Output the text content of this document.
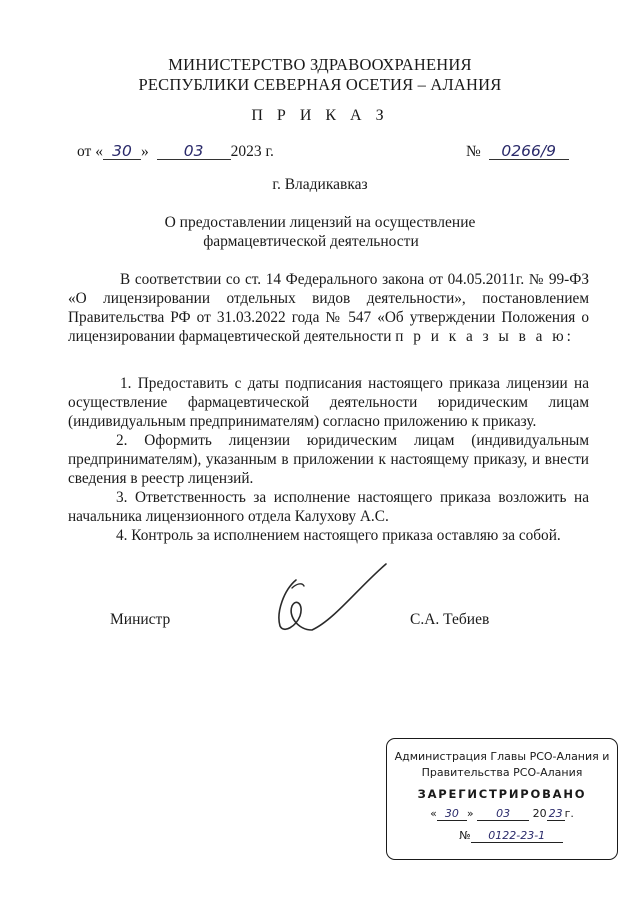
МИНИСТЕРСТВО ЗДРАВООХРАНЕНИЯ
РЕСПУБЛИКИ СЕВЕРНАЯ ОСЕТИЯ – АЛАНИЯ
П Р И К А З
от « 30 » 03 2023 г.	№ 0266/9
г. Владикавказ
О предоставлении лицензий на осуществление
фармацевтической деятельности

В соответствии со ст. 14 Федерального закона от 04.05.2011г. № 99-ФЗ «О лицензировании отдельных видов деятельности», постановлением Правительства РФ от 31.03.2022 года № 547 «Об утверждении Положения о лицензировании фармацевтической деятельности п р и к а з ы в а ю:

1. Предоставить с даты подписания настоящего приказа лицензии на осуществление фармацевтической деятельности юридическим лицам (индивидуальным предпринимателям) согласно приложению к приказу.

2. Оформить лицензии юридическим лицам (индивидуальным предпринимателям), указанным в приложении к настоящему приказу, и внести сведения в реестр лицензий.

3. Ответственность за исполнение настоящего приказа возложить на начальника лицензионного отдела Калухову А.С.

4. Контроль за исполнением настоящего приказа оставляю за собой.

Министр	С.А. Тебиев
Администрация Главы РСО-Алания и
Правительства РСО-Алания
ЗАРЕГИСТРИРОВАНО
« 30 » 03 20 23 г.
№ 0122-23-1
